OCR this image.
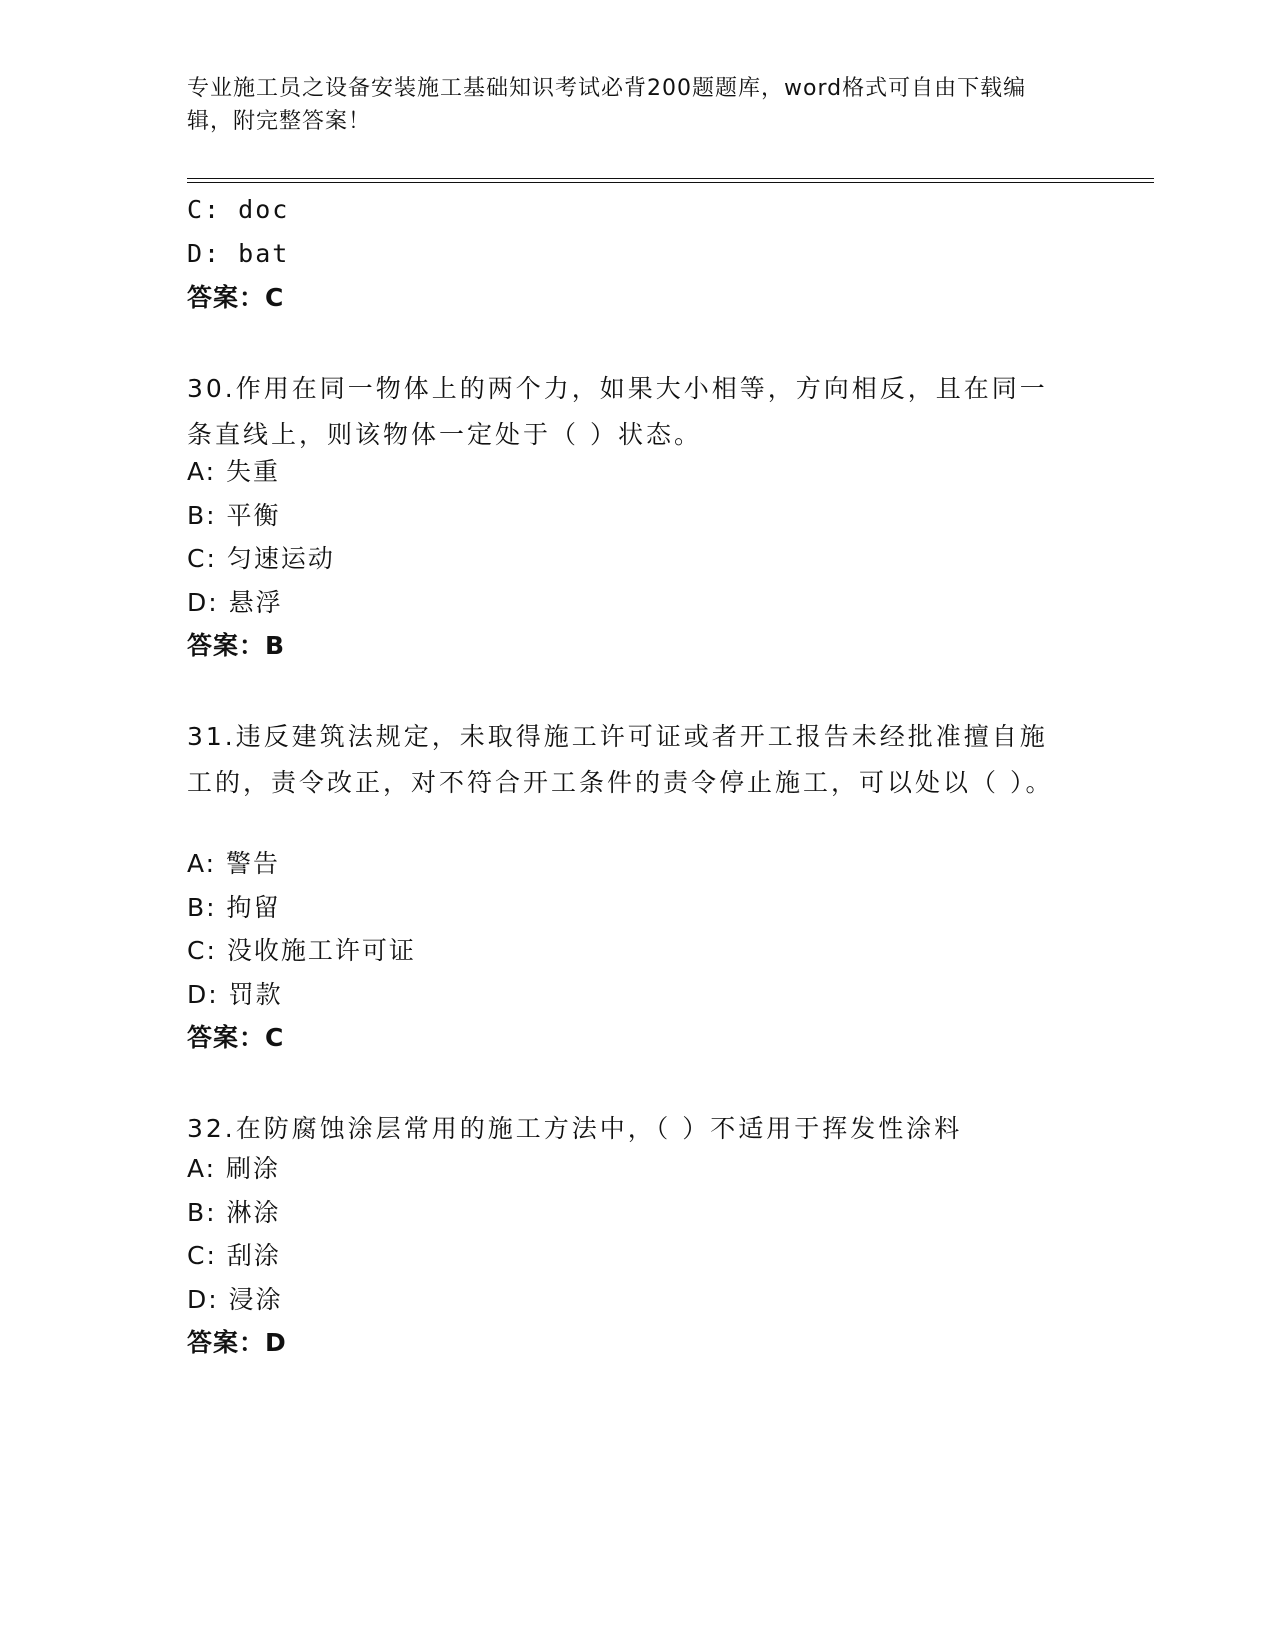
专业施工员之设备安装施工基础知识考试必背200题题库，word格式可自由下载编辑，附完整答案！
C: doc
D: bat
答案：C
30.作用在同一物体上的两个力，如果大小相等，方向相反，且在同一条直线上，则该物体一定处于（ ）状态。
A: 失重
B: 平衡
C: 匀速运动
D: 悬浮
答案：B
31.违反建筑法规定，未取得施工许可证或者开工报告未经批准擅自施工的，责令改正，对不符合开工条件的责令停止施工，可以处以（ ）。
A: 警告
B: 拘留
C: 没收施工许可证
D: 罚款
答案：C
32.在防腐蚀涂层常用的施工方法中，（ ）不适用于挥发性涂料
A: 刷涂
B: 淋涂
C: 刮涂
D: 浸涂
答案：D
